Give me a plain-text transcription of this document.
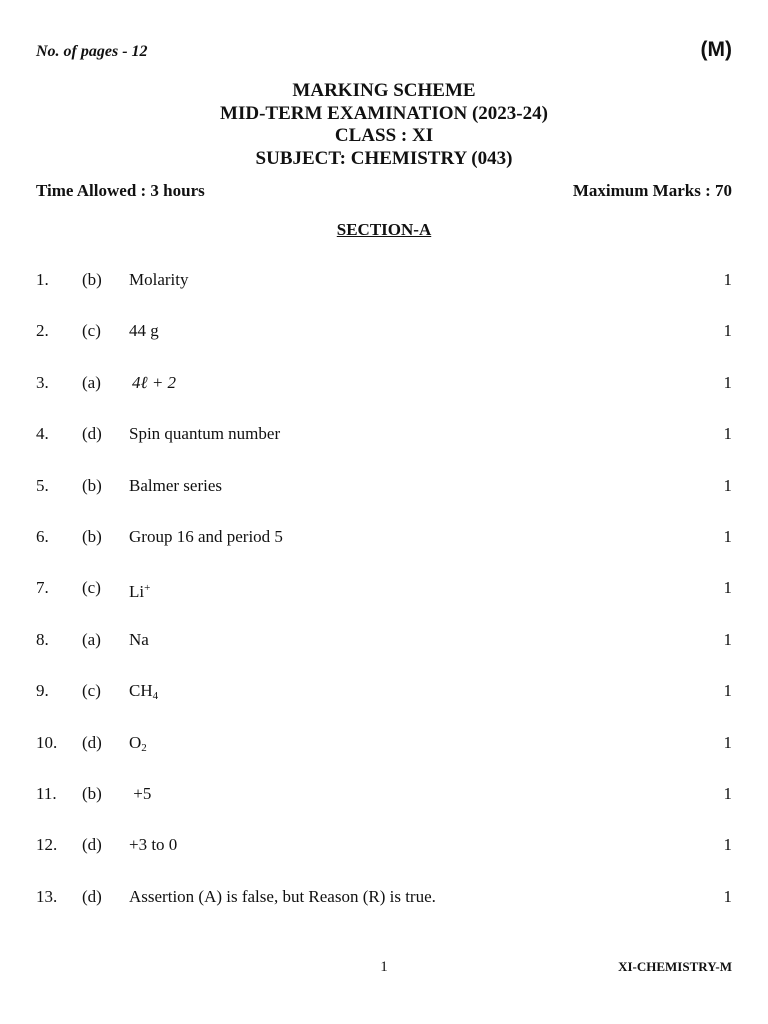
No. of pages - 12	(M)
MARKING SCHEME
MID-TERM EXAMINATION (2023-24)
CLASS : XI
SUBJECT: CHEMISTRY (043)
Time Allowed : 3 hours	Maximum Marks : 70
SECTION-A
1. (b) Molarity	1
2. (c) 44 g	1
3. (a) 4ℓ + 2	1
4. (d) Spin quantum number	1
5. (b) Balmer series	1
6. (b) Group 16 and period 5	1
7. (c) Li+	1
8. (a) Na	1
9. (c) $CH_4$	1
10. (d) $O_2$	1
11. (b) +5	1
12. (d) +3 to 0	1
13. (d) Assertion (A) is false, but Reason (R) is true.	1
1	XI-CHEMISTRY-M
